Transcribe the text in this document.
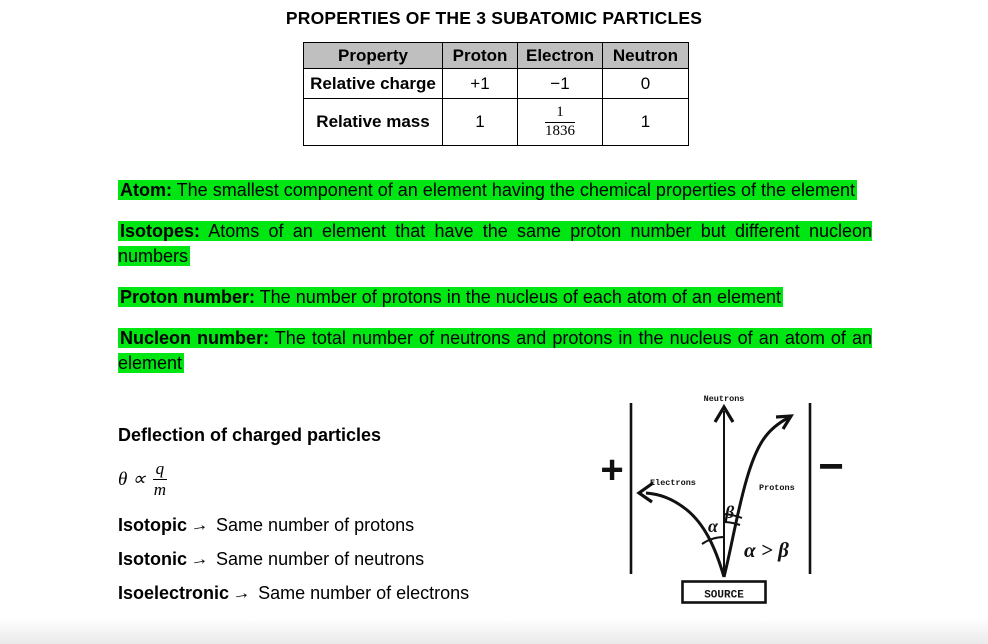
PROPERTIES OF THE 3 SUBATOMIC PARTICLES
Property	Proton	Electron	Neutron
Relative charge	+1	−1	0
Relative mass	1	$\frac{1}{1836}$	1

Atom: The smallest component of an element having the chemical properties of the element

Isotopes: Atoms of an element that have the same proton number but different nucleon numbers

Proton number: The number of protons in the nucleus of each atom of an element

Nucleon number: The total number of neutrons and protons in the nucleus of an atom of an element

Deflection of charged particles
$\theta \propto \frac{q}{m}$
Isotopic→ Same number of protons
Isotonic→ Same number of neutrons
Isoelectronic→ Same number of electrons
+	−
Neutrons
Electrons	Protons
α
β
α > β
SOURCE
